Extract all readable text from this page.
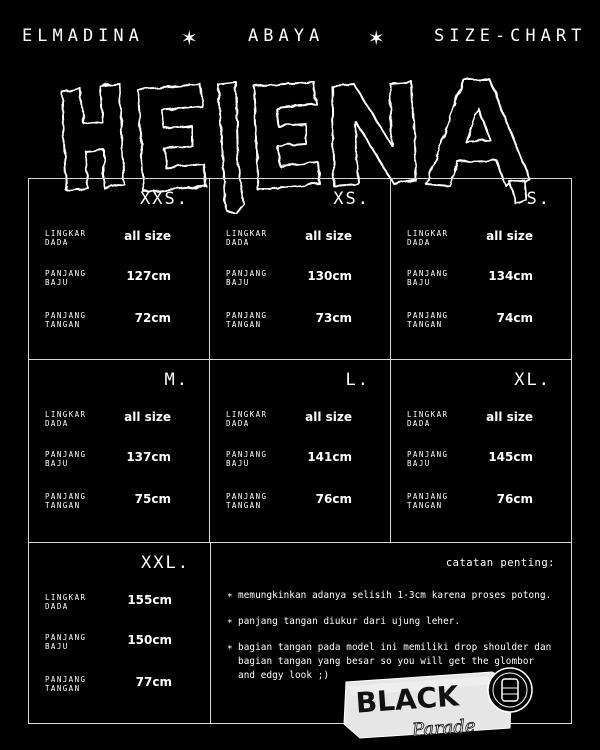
ELMADINA ✶	ABAYA ✶	SIZE-CHART
XXS.
LINGKAR
DADA	all size
PANJANG
BAJU	127cm
PANJANG
TANGAN	72cm
XS.
LINGKAR
DADA	all size
PANJANG
BAJU	130cm
PANJANG
TANGAN	73cm
S.
LINGKAR
DADA	all size
PANJANG
BAJU	134cm
PANJANG
TANGAN	74cm
M.
LINGKAR
DADA	all size
PANJANG
BAJU	137cm
PANJANG
TANGAN	75cm
L.
LINGKAR
DADA	all size
PANJANG
BAJU	141cm
PANJANG
TANGAN	76cm
XL.
LINGKAR
DADA	all size
PANJANG
BAJU	145cm
PANJANG
TANGAN	76cm
XXL.
LINGKAR
DADA	155cm
PANJANG
BAJU	150cm
PANJANG
TANGAN	77cm
catatan penting:
∗ memungkinkan adanya selisih 1-3cm karena proses potong.
∗ panjang tangan diukur dari ujung leher.
∗ bagian tangan pada model ini memiliki drop shoulder dan bagian tangan yang besar so you will get the glombor and edgy look ;)
BLACK
Parade
